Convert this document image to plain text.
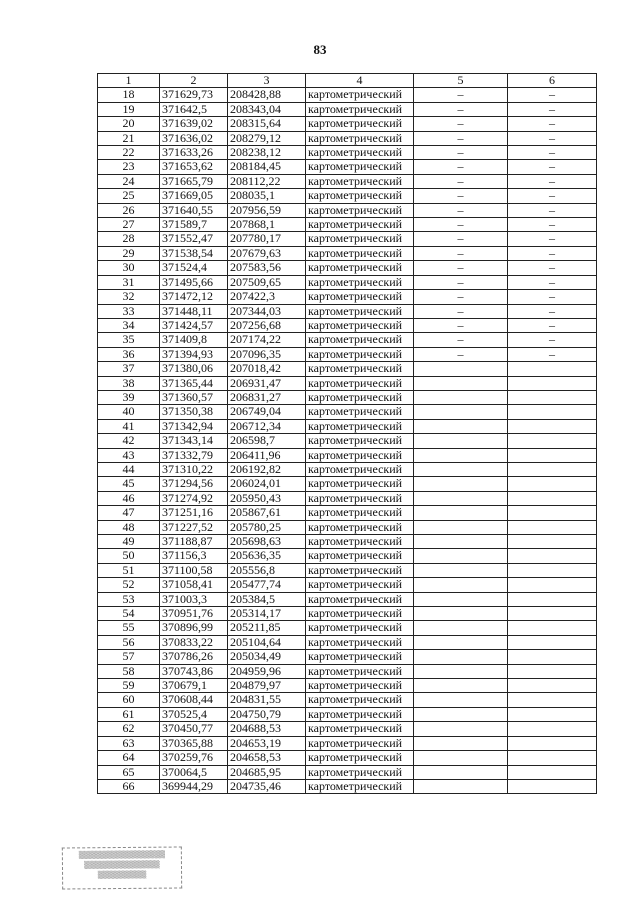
83
1	2	3	4	5	6
18	371629,73	208428,88	картометрический	–	–
19	371642,5	208343,04	картометрический	–	–
20	371639,02	208315,64	картометрический	–	–
21	371636,02	208279,12	картометрический	–	–
22	371633,26	208238,12	картометрический	–	–
23	371653,62	208184,45	картометрический	–	–
24	371665,79	208112,22	картометрический	–	–
25	371669,05	208035,1	картометрический	–	–
26	371640,55	207956,59	картометрический	–	–
27	371589,7	207868,1	картометрический	–	–
28	371552,47	207780,17	картометрический	–	–
29	371538,54	207679,63	картометрический	–	–
30	371524,4	207583,56	картометрический	–	–
31	371495,66	207509,65	картометрический	–	–
32	371472,12	207422,3	картометрический	–	–
33	371448,11	207344,03	картометрический	–	–
34	371424,57	207256,68	картометрический	–	–
35	371409,8	207174,22	картометрический	–	–
36	371394,93	207096,35	картометрический	–	–
37	371380,06	207018,42	картометрический		
38	371365,44	206931,47	картометрический		
39	371360,57	206831,27	картометрический		
40	371350,38	206749,04	картометрический		
41	371342,94	206712,34	картометрический		
42	371343,14	206598,7	картометрический		
43	371332,79	206411,96	картометрический		
44	371310,22	206192,82	картометрический		
45	371294,56	206024,01	картометрический		
46	371274,92	205950,43	картометрический		
47	371251,16	205867,61	картометрический		
48	371227,52	205780,25	картометрический		
49	371188,87	205698,63	картометрический		
50	371156,3	205636,35	картометрический		
51	371100,58	205556,8	картометрический		
52	371058,41	205477,74	картометрический		
53	371003,3	205384,5	картометрический		
54	370951,76	205314,17	картометрический		
55	370896,99	205211,85	картометрический		
56	370833,22	205104,64	картометрический		
57	370786,26	205034,49	картометрический		
58	370743,86	204959,96	картометрический		
59	370679,1	204879,97	картометрический		
60	370608,44	204831,55	картометрический		
61	370525,4	204750,79	картометрический		
62	370450,77	204688,53	картометрический		
63	370365,88	204653,19	картометрический		
64	370259,76	204658,53	картометрический		
65	370064,5	204685,95	картометрический		
66	369944,29	204735,46	картометрический		
▒▒▒▒▒▒▒▒▒▒▒▒▒▒▒▒
▒▒▒▒▒▒▒▒▒▒▒▒▒▒
▒▒▒▒▒▒▒▒▒
